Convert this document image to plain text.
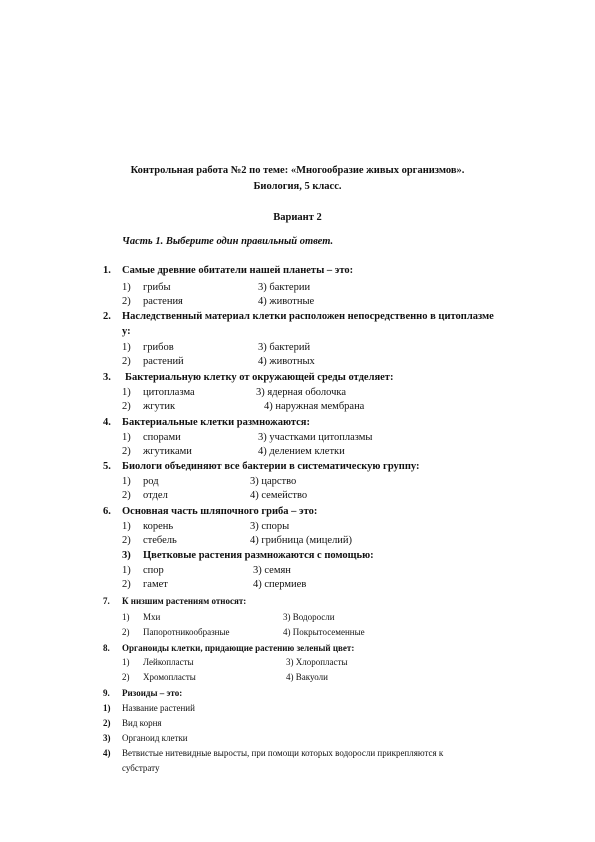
Контрольная работа №2 по теме: «Многообразие живых организмов».
Биология, 5 класс.
Вариант 2
Часть 1. Выберите один правильный ответ.
1. Самые древние обитатели нашей планеты – это:
1) грибы	3) бактерии
2) растения	4) животные
2. Наследственный материал клетки расположен непосредственно в цитоплазме
у:
1) грибов	3) бактерий
2) растений	4) животных
3. Бактериальную клетку от окружающей среды отделяет:
1) цитоплазма	3) ядерная оболочка
2) жгутик	4) наружная мембрана
4. Бактериальные клетки размножаются:
1) спорами	3) участками цитоплазмы
2) жгутиками	4) делением клетки
5. Биологи объединяют все бактерии в систематическую группу:
1) род	3) царство
2) отдел	4) семейство
6. Основная часть шляпочного гриба – это:
1) корень	3) споры
2) стебель	4) грибница (мицелий)
3) Цветковые растения размножаются с помощью:
1) спор	3) семян
2) гамет	4) спермиев
7. К низшим растениям относят:
1) Мхи	3) Водоросли
2) Папоротникообразные	4) Покрытосеменные
8. Органоиды клетки, придающие растению зеленый цвет:
1) Лейкопласты	3) Хлоропласты
2) Хромопласты	4) Вакуоли
9. Ризоиды – это:
1) Название растений
2) Вид корня
3) Органоид клетки
4) Ветвистые нитевидные выросты, при помощи которых водоросли прикрепляются к
субстрату
